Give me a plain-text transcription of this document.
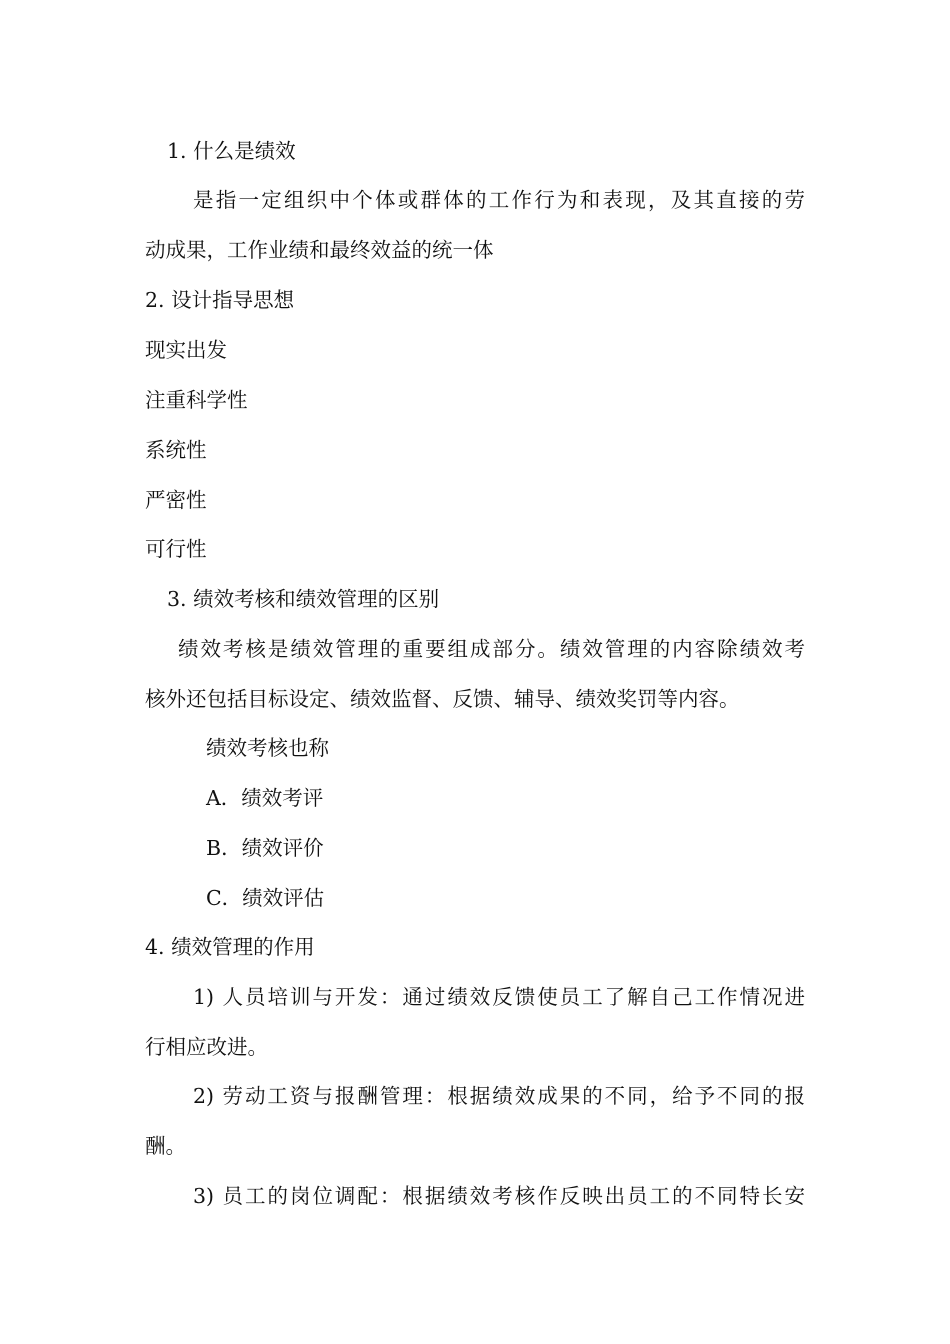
1. 什么是绩效
是指一定组织中个体或群体的工作行为和表现，及其直接的劳
动成果，工作业绩和最终效益的统一体
2. 设计指导思想
现实出发
注重科学性
系统性
严密性
可行性
3. 绩效考核和绩效管理的区别
绩效考核是绩效管理的重要组成部分。绩效管理的内容除绩效考
核外还包括目标设定、绩效监督、反馈、辅导、绩效奖罚等内容。
绩效考核也称
A．绩效考评
B．绩效评价
C．绩效评估
4. 绩效管理的作用
1) 人员培训与开发：通过绩效反馈使员工了解自己工作情况进
行相应改进。
2) 劳动工资与报酬管理：根据绩效成果的不同，给予不同的报
酬。
3) 员工的岗位调配：根据绩效考核作反映出员工的不同特长安
